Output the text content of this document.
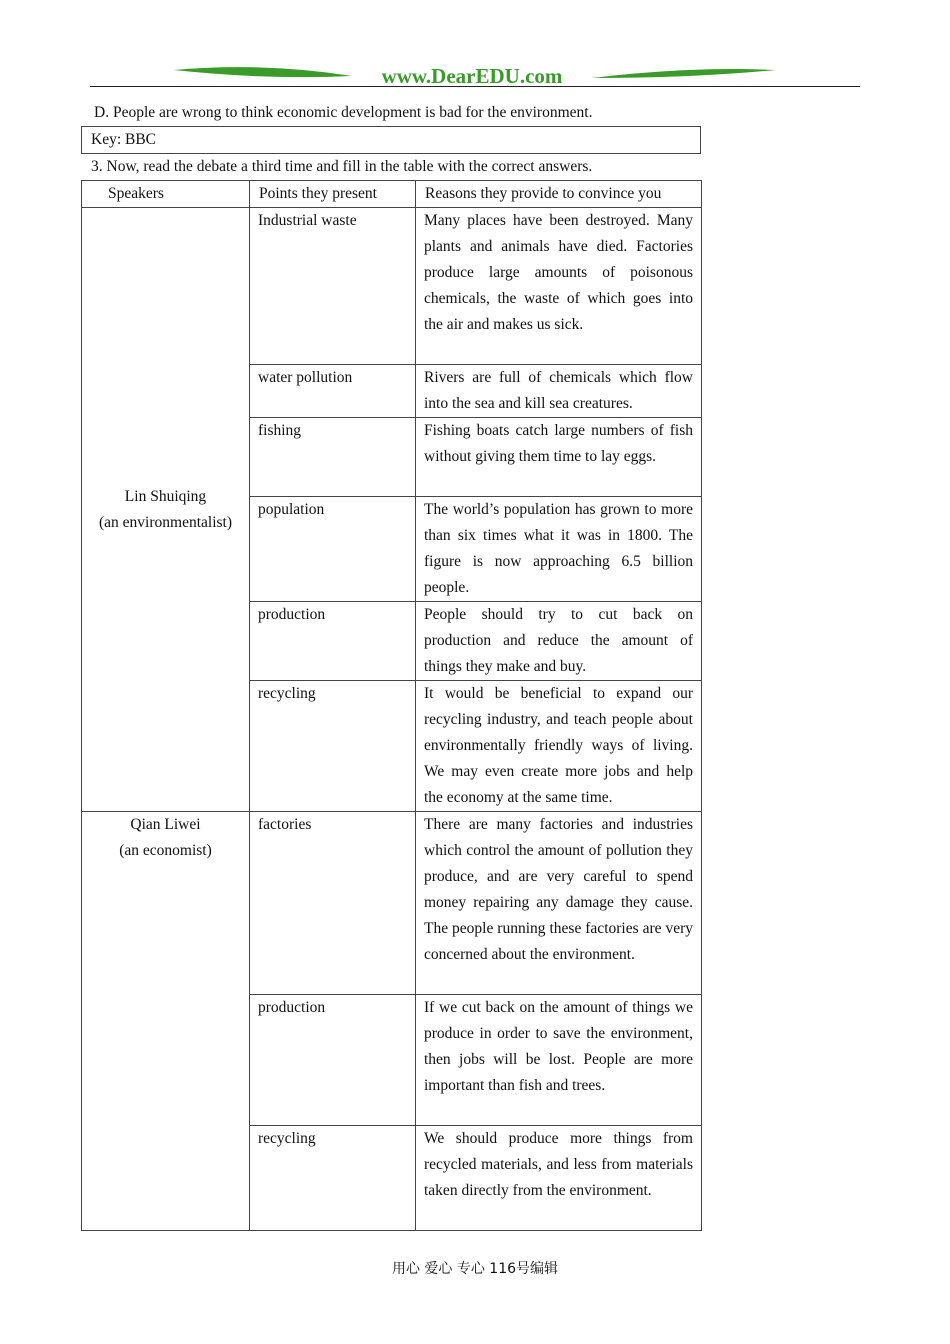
www.DearEDU.com
D. People are wrong to think economic development is bad for the environment.
Key: BBC
3. Now, read the debate a third time and fill in the table with the correct answers.
Speakers	Points they present	Reasons they provide to convince you

Lin Shuiqing
(an environmentalist)	Industrial waste	Many places have been destroyed. Many plants and animals have died. Factories produce large amounts of poisonous chemicals, the waste of which goes into the air and makes us sick.
	water pollution	Rivers are full of chemicals which flow into the sea and kill sea creatures.
	fishing	Fishing boats catch large numbers of fish without giving them time to lay eggs.
	population	The world’s population has grown to more than six times what it was in 1800. The figure is now approaching 6.5 billion people.
	production	People should try to cut back on production and reduce the amount of things they make and buy.
	recycling	It would be beneficial to expand our recycling industry, and teach people about environmentally friendly ways of living. We may even create more jobs and help the economy at the same time.

Qian Liwei
(an economist)	factories	There are many factories and industries which control the amount of pollution they produce, and are very careful to spend money repairing any damage they cause. The people running these factories are very concerned about the environment.
	production	If we cut back on the amount of things we produce in order to save the environment, then jobs will be lost. People are more important than fish and trees.
	recycling	We should produce more things from recycled materials, and less from materials taken directly from the environment.
用心 爱心 专心 116号编辑
